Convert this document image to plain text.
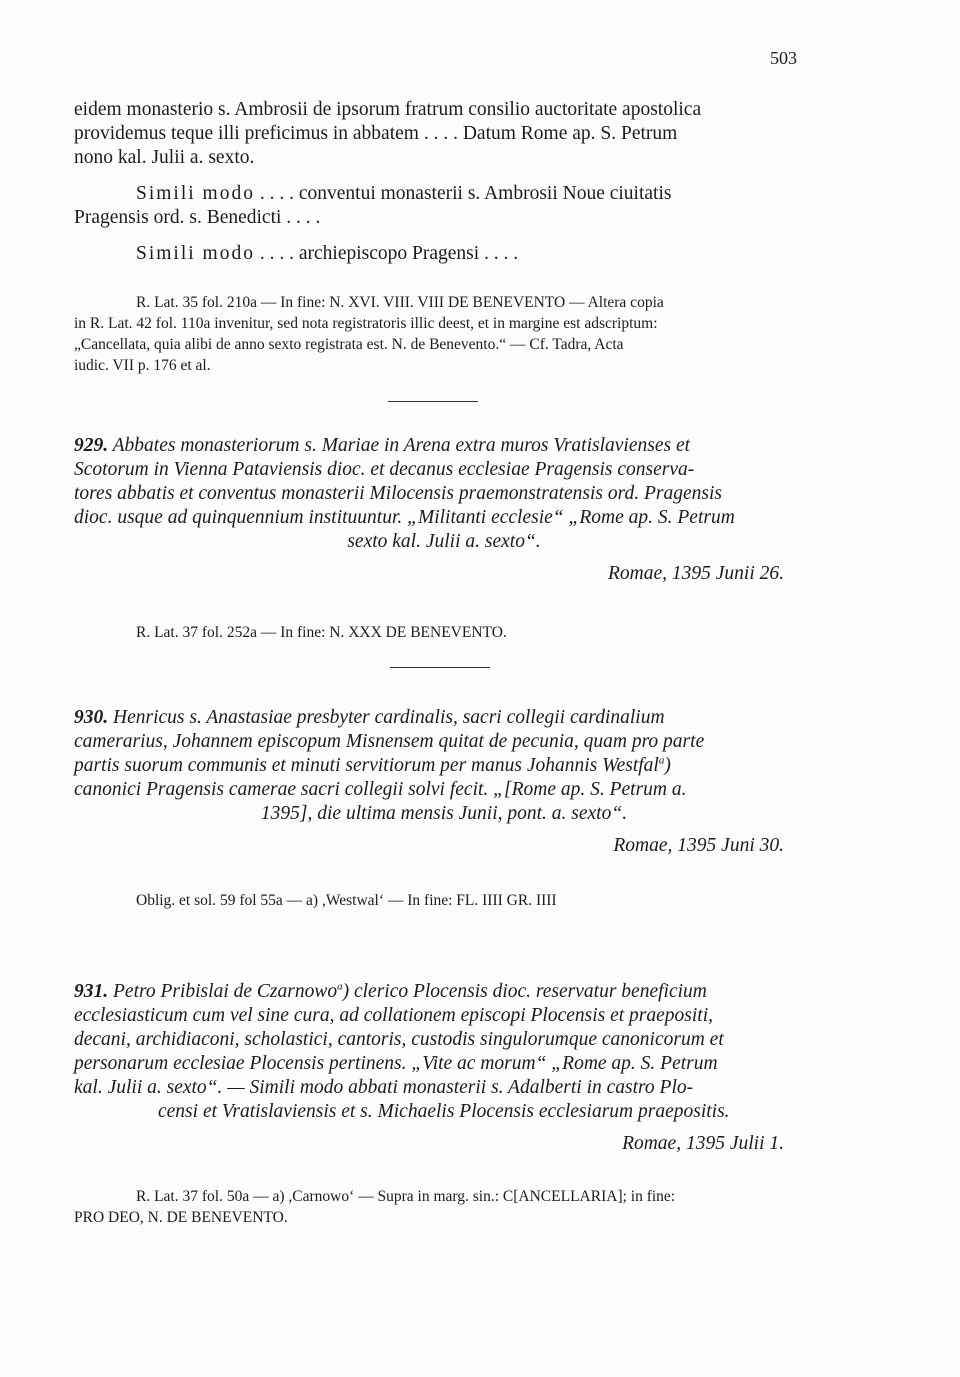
503

eidem monasterio s. Ambrosii de ipsorum fratrum consilio auctoritate apostolica

providemus teque illi preficimus in abbatem . . . . Datum Rome ap. S. Petrum

nono kal. Julii a. sexto.

Simili modo . . . . conventui monasterii s. Ambrosii Noue ciuitatis

Pragensis ord. s. Benedicti . . . .

Simili modo . . . . archiepiscopo Pragensi . . . .

R. Lat. 35 fol. 210a — In fine: N. XVI. VIII. VIII DE BENEVENTO — Altera copia

in R. Lat. 42 fol. 110a invenitur, sed nota registratoris illic deest, et in margine est adscriptum:

„Cancellata, quia alibi de anno sexto registrata est. N. de Benevento.“ — Cf. Tadra, Acta

iudic. VII p. 176 et al.

929. Abbates monasteriorum s. Mariae in Arena extra muros Vratislavienses et

Scotorum in Vienna Pataviensis dioc. et decanus ecclesiae Pragensis conserva-

tores abbatis et conventus monasterii Milocensis praemonstratensis ord. Pragensis

dioc. usque ad quinquennium instituuntur. „Militanti ecclesie“ „Rome ap. S. Petrum

sexto kal. Julii a. sexto“.

Romae, 1395 Junii 26.

R. Lat. 37 fol. 252a — In fine: N. XXX DE BENEVENTO.

930. Henricus s. Anastasiae presbyter cardinalis, sacri collegii cardinalium

camerarius, Johannem episcopum Misnensem quitat de pecunia, quam pro parte

partis suorum communis et minuti servitiorum per manus Johannis Westfal$^a$)

canonici Pragensis camerae sacri collegii solvi fecit. „[Rome ap. S. Petrum a.

1395], die ultima mensis Junii, pont. a. sexto“.

Romae, 1395 Juni 30.

Oblig. et sol. 59 fol 55a — a) ,Westwal‘ — In fine: FL. IIII GR. IIII

931. Petro Pribislai de Czarnowo$^a$) clerico Plocensis dioc. reservatur beneficium

ecclesiasticum cum vel sine cura, ad collationem episcopi Plocensis et praepositi,

decani, archidiaconi, scholastici, cantoris, custodis singulorumque canonicorum et

personarum ecclesiae Plocensis pertinens. „Vite ac morum“ „Rome ap. S. Petrum

kal. Julii a. sexto“. — Simili modo abbati monasterii s. Adalberti in castro Plo-

censi et Vratislaviensis et s. Michaelis Plocensis ecclesiarum praepositis.

Romae, 1395 Julii 1.

R. Lat. 37 fol. 50a — a) ,Carnowo‘ — Supra in marg. sin.: C[ANCELLARIA]; in fine:

PRO DEO, N. DE BENEVENTO.
